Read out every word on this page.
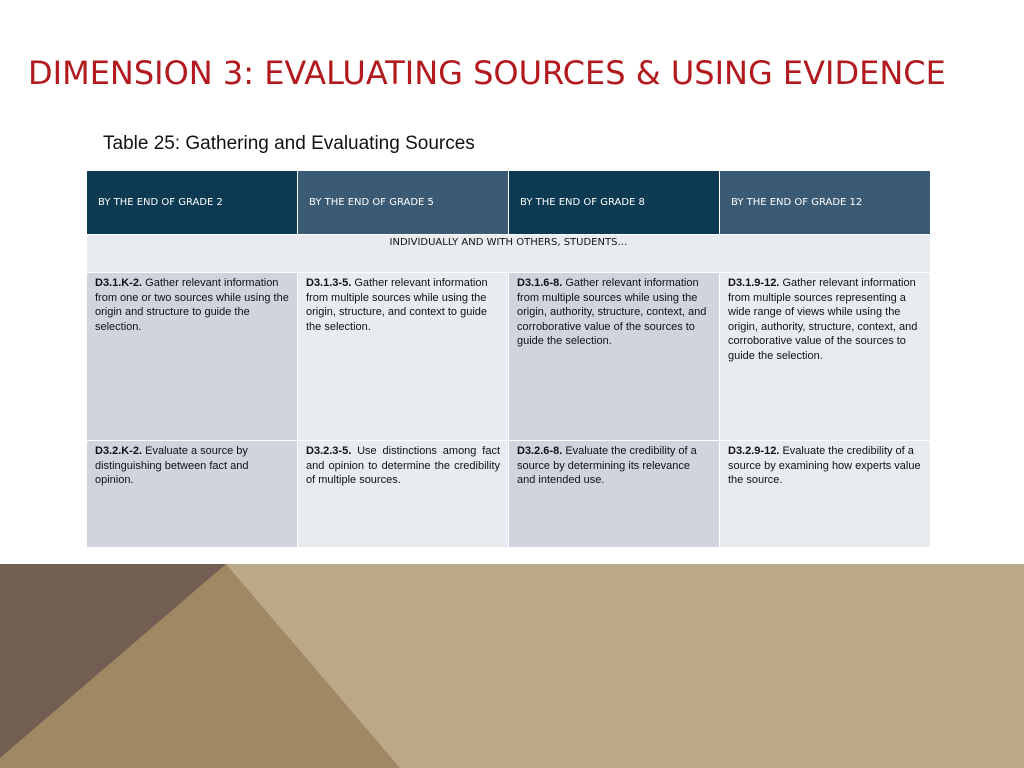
DIMENSION 3: EVALUATING SOURCES & USING EVIDENCE
Table 25: Gathering and Evaluating Sources
BY THE END OF GRADE 2	BY THE END OF GRADE 5	BY THE END OF GRADE 8	BY THE END OF GRADE 12
INDIVIDUALLY AND WITH OTHERS, STUDENTS…			
D3.1.K-2. Gather relevant information from one or two sources while using the origin and structure to guide the selection.	D3.1.3-5. Gather relevant information from multiple sources while using the origin, structure, and context to guide the selection.	D3.1.6-8. Gather relevant information from multiple sources while using the origin, authority, structure, context, and corroborative value of the sources to guide the selection.	D3.1.9-12. Gather relevant information from multiple sources representing a wide range of views while using the origin, authority, structure, context, and corroborative value of the sources to guide the selection.
D3.2.K-2. Evaluate a source by distinguishing between fact and opinion.	D3.2.3-5. Use distinctions among fact and opinion to determine the credibility of multiple sources.	D3.2.6-8. Evaluate the credibility of a source by determining its relevance and intended use.	D3.2.9-12. Evaluate the credibility of a source by examining how experts value the source.
